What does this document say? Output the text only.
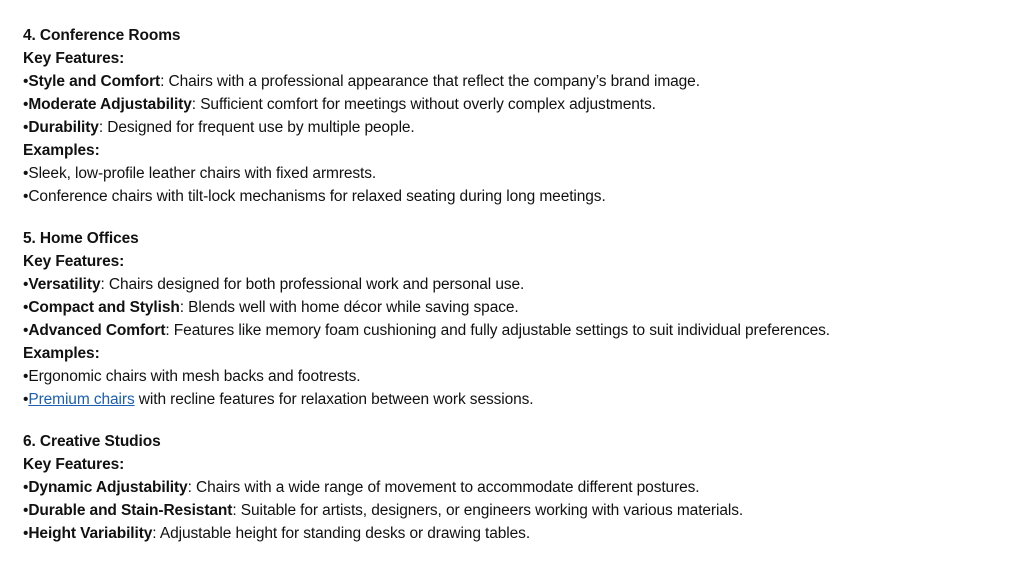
4. Conference Rooms
Key Features:
•Style and Comfort: Chairs with a professional appearance that reflect the company’s brand image.
•Moderate Adjustability: Sufficient comfort for meetings without overly complex adjustments.
•Durability: Designed for frequent use by multiple people.
Examples:
•Sleek, low-profile leather chairs with fixed armrests.
•Conference chairs with tilt-lock mechanisms for relaxed seating during long meetings.
5. Home Offices
Key Features:
•Versatility: Chairs designed for both professional work and personal use.
•Compact and Stylish: Blends well with home décor while saving space.
•Advanced Comfort: Features like memory foam cushioning and fully adjustable settings to suit individual preferences.
Examples:
•Ergonomic chairs with mesh backs and footrests.
•Premium chairs with recline features for relaxation between work sessions.
6. Creative Studios
Key Features:
•Dynamic Adjustability: Chairs with a wide range of movement to accommodate different postures.
•Durable and Stain-Resistant: Suitable for artists, designers, or engineers working with various materials.
•Height Variability: Adjustable height for standing desks or drawing tables.
